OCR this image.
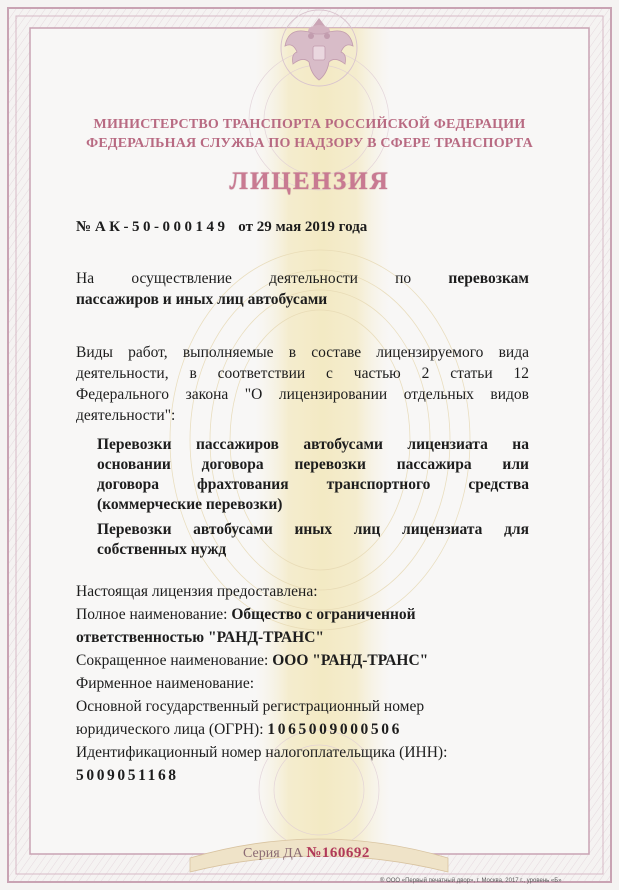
МИНИСТЕРСТВО ТРАНСПОРТА РОССИЙСКОЙ ФЕДЕРАЦИИ
ФЕДЕРАЛЬНАЯ СЛУЖБА ПО НАДЗОРУ В СФЕРЕ ТРАНСПОРТА
ЛИЦЕНЗИЯ
№ АК-50-000149 от 29 мая 2019 года
На осуществление деятельности по перевозкам
пассажиров и иных лиц автобусами
Виды работ, выполняемые в составе лицензируемого вида
деятельности, в соответствии с частью 2 статьи 12
Федерального закона "О лицензировании отдельных видов
деятельности":
Перевозки пассажиров автобусами лицензиата на
основании договора перевозки пассажира или
договора фрахтования транспортного средства
(коммерческие перевозки)
Перевозки автобусами иных лиц лицензиата для
собственных нужд
Настоящая лицензия предоставлена:
Полное наименование: Общество с ограниченной
ответственностью "РАНД-ТРАНС"
Сокращенное наименование: ООО "РАНД-ТРАНС"
Фирменное наименование:
Основной государственный регистрационный номер
юридического лица (ОГРН): 1065009000506
Идентификационный номер налогоплательщика (ИНН):
5009051168
Серия ДА №160692
® ООО «Первый печатный двор», г. Москва, 2017 г., уровень «Б»
